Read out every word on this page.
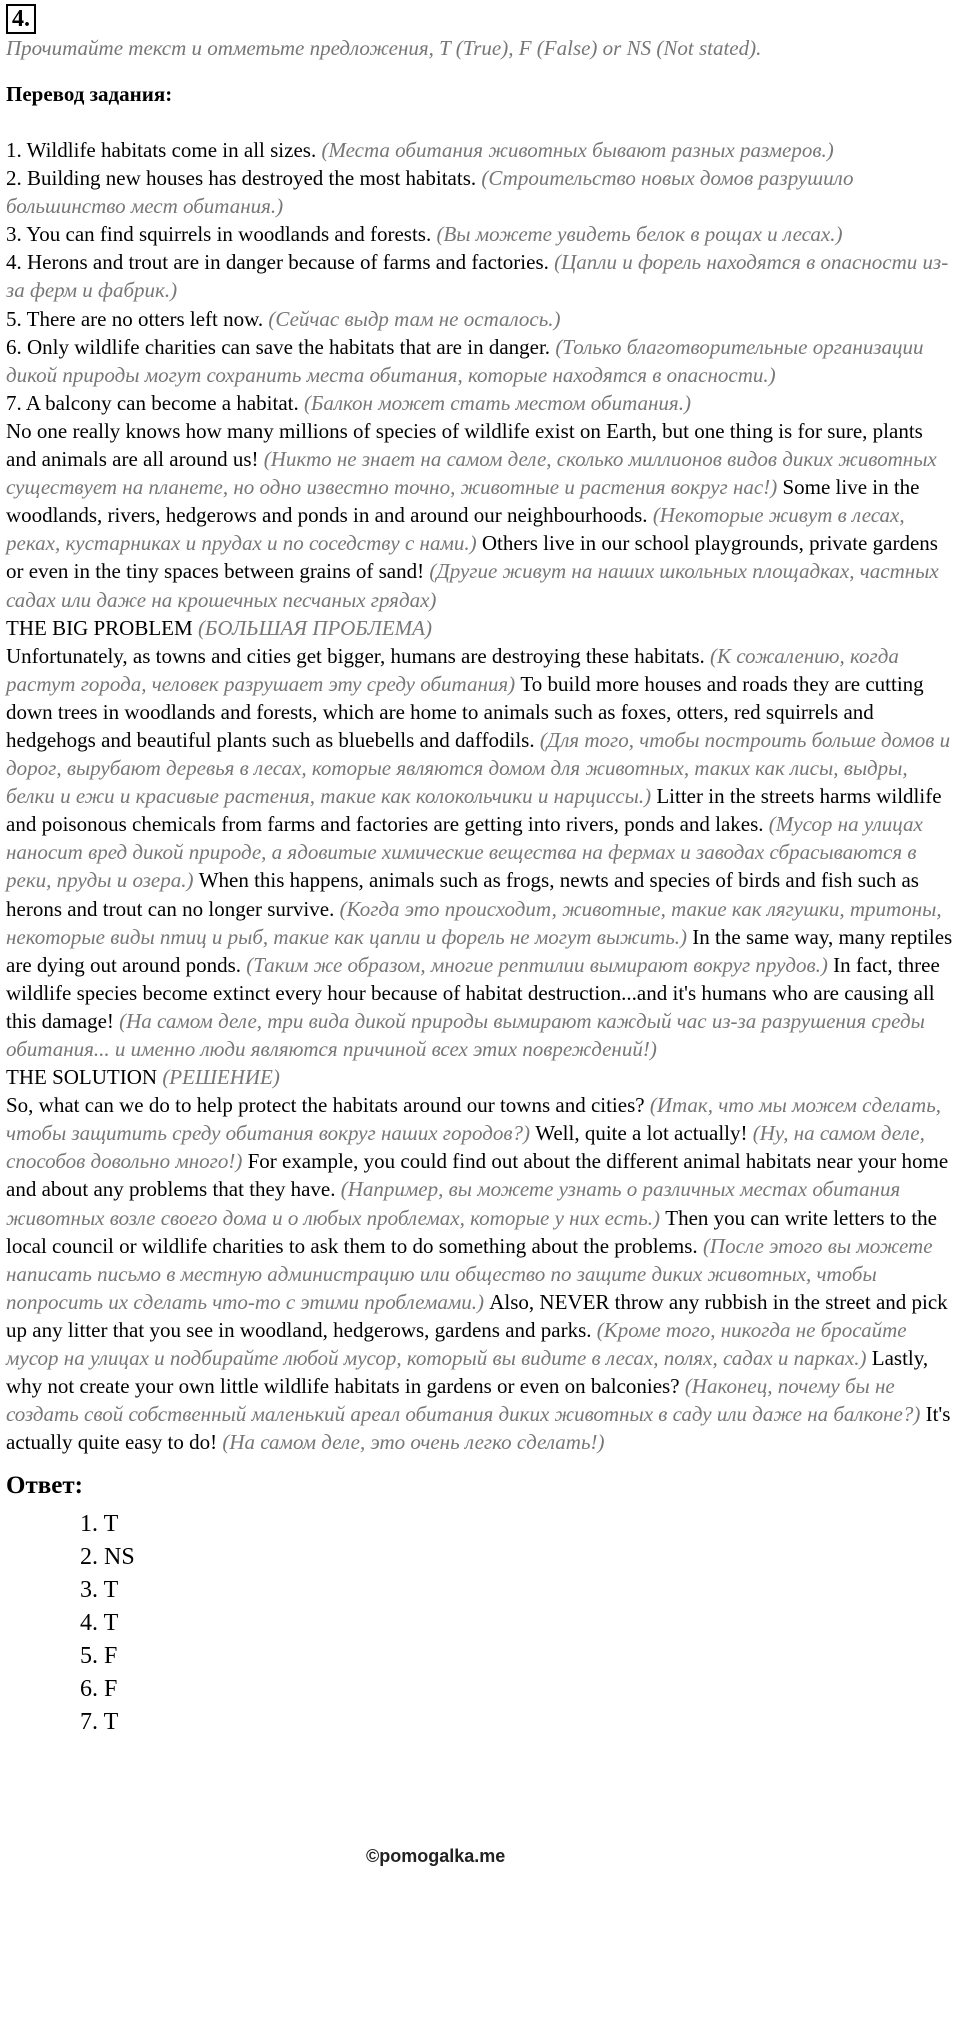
4.
Прочитайте текст и отметьте предложения, T (True), F (False) or NS (Not stated).
Перевод задания:
1. Wildlife habitats come in all sizes. (Места обитания животных бывают разных размеров.)
2. Building new houses has destroyed the most habitats. (Строительство новых домов разрушило большинство мест обитания.)
3. You can find squirrels in woodlands and forests. (Вы можете увидеть белок в рощах и лесах.)
4. Herons and trout are in danger because of farms and factories. (Цапли и форель находятся в опасности из-за ферм и фабрик.)
5. There are no otters left now. (Сейчас выдр там не осталось.)
6. Only wildlife charities can save the habitats that are in danger. (Только благотворительные организации дикой природы могут сохранить места обитания, которые находятся в опасности.)
7. A balcony can become a habitat. (Балкон может стать местом обитания.)
No one really knows how many millions of species of wildlife exist on Earth, but one thing is for sure, plants and animals are all around us! (Никто не знает на самом деле, сколько миллионов видов диких животных существует на планете, но одно известно точно, животные и растения вокруг нас!) Some live in the woodlands, rivers, hedgerows and ponds in and around our neighbourhoods. (Некоторые живут в лесах, реках, кустарниках и прудах и по соседству с нами.) Others live in our school playgrounds, private gardens or even in the tiny spaces between grains of sand! (Другие живут на наших школьных площадках, частных садах или даже на крошечных песчаных грядах)
THE BIG PROBLEM (БОЛЬШАЯ ПРОБЛЕМА)
Unfortunately, as towns and cities get bigger, humans are destroying these habitats. (К сожалению, когда растут города, человек разрушает эту среду обитания) To build more houses and roads they are cutting down trees in woodlands and forests, which are home to animals such as foxes, otters, red squirrels and hedgehogs and beautiful plants such as bluebells and daffodils. (Для того, чтобы построить больше домов и дорог, вырубают деревья в лесах, которые являются домом для животных, таких как лисы, выдры, белки и ежи и красивые растения, такие как колокольчики и нарциссы.) Litter in the streets harms wildlife and poisonous chemicals from farms and factories are getting into rivers, ponds and lakes. (Мусор на улицах наносит вред дикой природе, а ядовитые химические вещества на фермах и заводах сбрасываются в реки, пруды и озера.) When this happens, animals such as frogs, newts and species of birds and fish such as herons and trout can no longer survive. (Когда это происходит, животные, такие как лягушки, тритоны, некоторые виды птиц и рыб, такие как цапли и форель не могут выжить.) In the same way, many reptiles are dying out around ponds. (Таким же образом, многие рептилии вымирают вокруг прудов.) In fact, three wildlife species become extinct every hour because of habitat destruction...and it's humans who are causing all this damage! (На самом деле, три вида дикой природы вымирают каждый час из-за разрушения среды обитания... и именно люди являются причиной всех этих повреждений!)
THE SOLUTION (РЕШЕНИЕ)
So, what can we do to help protect the habitats around our towns and cities? (Итак, что мы можем сделать, чтобы защитить среду обитания вокруг наших городов?) Well, quite a lot actually! (Ну, на самом деле, способов довольно много!) For example, you could find out about the different animal habitats near your home and about any problems that they have. (Например, вы можете узнать о различных местах обитания животных возле своего дома и о любых проблемах, которые у них есть.) Then you can write letters to the local council or wildlife charities to ask them to do something about the problems. (После этого вы можете написать письмо в местную администрацию или общество по защите диких животных, чтобы попросить их сделать что-то с этими проблемами.) Also, NEVER throw any rubbish in the street and pick up any litter that you see in woodland, hedgerows, gardens and parks. (Кроме того, никогда не бросайте мусор на улицах и подбирайте любой мусор, который вы видите в лесах, полях, садах и парках.) Lastly, why not create your own little wildlife habitats in gardens or even on balconies? (Наконец, почему бы не создать свой собственный маленький ареал обитания диких животных в саду или даже на балконе?) It's actually quite easy to do! (На самом деле, это очень легко сделать!)
Ответ:
1. T
2. NS
3. T
4. T
5. F
6. F
7. T
©pomogalka.me
